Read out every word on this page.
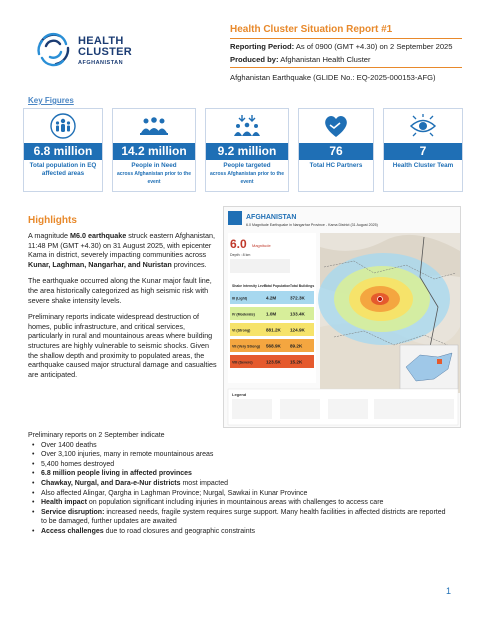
HEALTH
CLUSTER
AFGHANISTAN
Health Cluster Situation Report #1
Reporting Period: As of 0900 (GMT +4.30) on 2 September 2025
Produced by: Afghanistan Health Cluster
Afghanistan Earthquake (GLIDE No.: EQ-2025-000153-AFG)
Key Figures
6.8 million
Total population in EQ affected areas
14.2 million
People in Need
across Afghanistan prior to the event
9.2 million
People targeted
across Afghanistan prior to the event
76
Total HC Partners
7
Health Cluster Team
Highlights

A magnitude M6.0 earthquake struck eastern Afghanistan, 11:48 PM (GMT +4.30) on 31 August 2025, with epicenter Kama in district, severely impacting communities across Kunar, Laghman, Nangarhar, and Nuristan provinces.

The earthquake occurred along the Kunar major fault line, the area historically categorized as high seismic risk with severe shake intensity levels.

Preliminary reports indicate widespread destruction of homes, public infrastructure, and critical services, particularly in rural and mountainous areas where building structures are highly vulnerable to seismic shocks. Given the shallow depth and proximity to populated areas, the earthquake caused major structural damage and casualties are anticipated.

AFGHANISTAN
6.0 Magnitude Earthquake in Nangarhar Province - Kama District (31 August 2025)
6.0 Magnitude
Depth : 8 km
Shake Intensity Level
Total Population Total Buildings
III (Light)	4.2M	372.3K
IV (Moderate) 1.0M	133.4K
VI (Strong)	881.2K 124.9K
VII (Very Strong) 568.9K 89.2K
VIII (Severe)	123.5K 15.2K
Legend
Preliminary reports on 2 September indicate
• Over 1400 deaths
• Over 3,100 injuries, many in remote mountainous areas
• 5,400 homes destroyed
• 6.8 million people living in affected provinces
• Chawkay, Nurgal, and Dara-e-Nur districts most impacted
• Also affected Alingar, Qargha in Laghman Province; Nurgal, Sawkai in Kunar Province
• Health impact on population significant including injuries in mountainous areas with challenges to access care
• Service disruption: increased needs, fragile system requires surge support. Many health facilities in affected districts are reported to be damaged, further updates are awaited
• Access challenges due to road closures and geographic constraints
1
